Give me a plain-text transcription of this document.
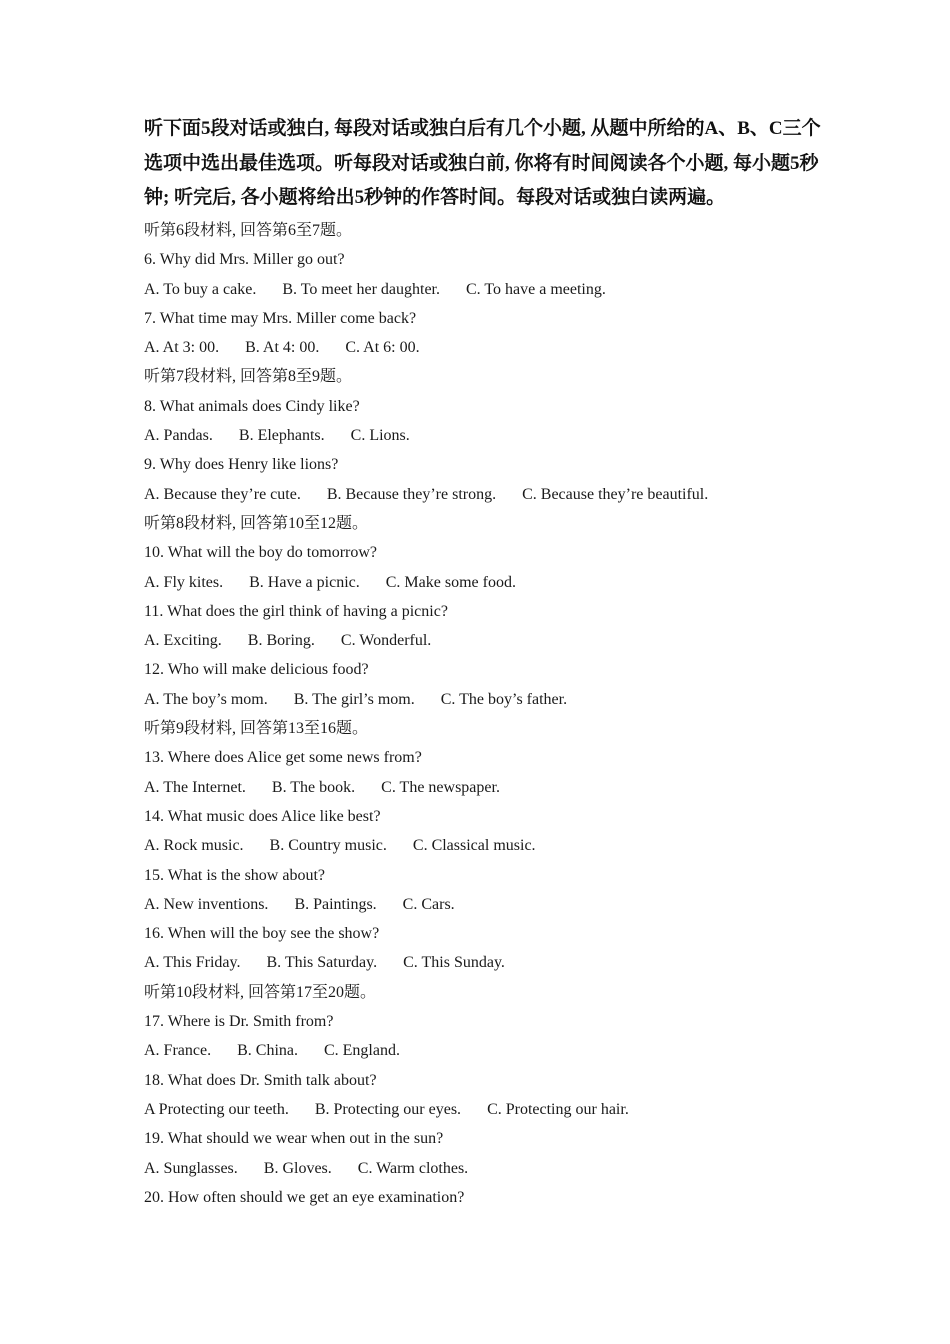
听下面5段对话或独白, 每段对话或独白后有几个小题, 从题中所给的A、B、C三个选项中选出最佳选项。听每段对话或独白前, 你将有时间阅读各个小题, 每小题5秒钟; 听完后, 各小题将给出5秒钟的作答时间。每段对话或独白读两遍。
听第6段材料, 回答第6至7题。
6. Why did Mrs. Miller go out?
A. To buy a cake. B. To meet her daughter. C. To have a meeting.
7. What time may Mrs. Miller come back?
A. At 3: 00. B. At 4: 00. C. At 6: 00.
听第7段材料, 回答第8至9题。
8. What animals does Cindy like?
A. Pandas. B. Elephants. C. Lions.
9. Why does Henry like lions?
A. Because they’re cute. B. Because they’re strong. C. Because they’re beautiful.
听第8段材料, 回答第10至12题。
10. What will the boy do tomorrow?
A. Fly kites. B. Have a picnic. C. Make some food.
11. What does the girl think of having a picnic?
A. Exciting. B. Boring. C. Wonderful.
12. Who will make delicious food?
A. The boy’s mom. B. The girl’s mom. C. The boy’s father.
听第9段材料, 回答第13至16题。
13. Where does Alice get some news from?
A. The Internet. B. The book. C. The newspaper.
14. What music does Alice like best?
A. Rock music. B. Country music. C. Classical music.
15. What is the show about?
A. New inventions. B. Paintings. C. Cars.
16. When will the boy see the show?
A. This Friday. B. This Saturday. C. This Sunday.
听第10段材料, 回答第17至20题。
17. Where is Dr. Smith from?
A. France. B. China. C. England.
18. What does Dr. Smith talk about?
A Protecting our teeth. B. Protecting our eyes. C. Protecting our hair.
19. What should we wear when out in the sun?
A. Sunglasses. B. Gloves. C. Warm clothes.
20. How often should we get an eye examination?
